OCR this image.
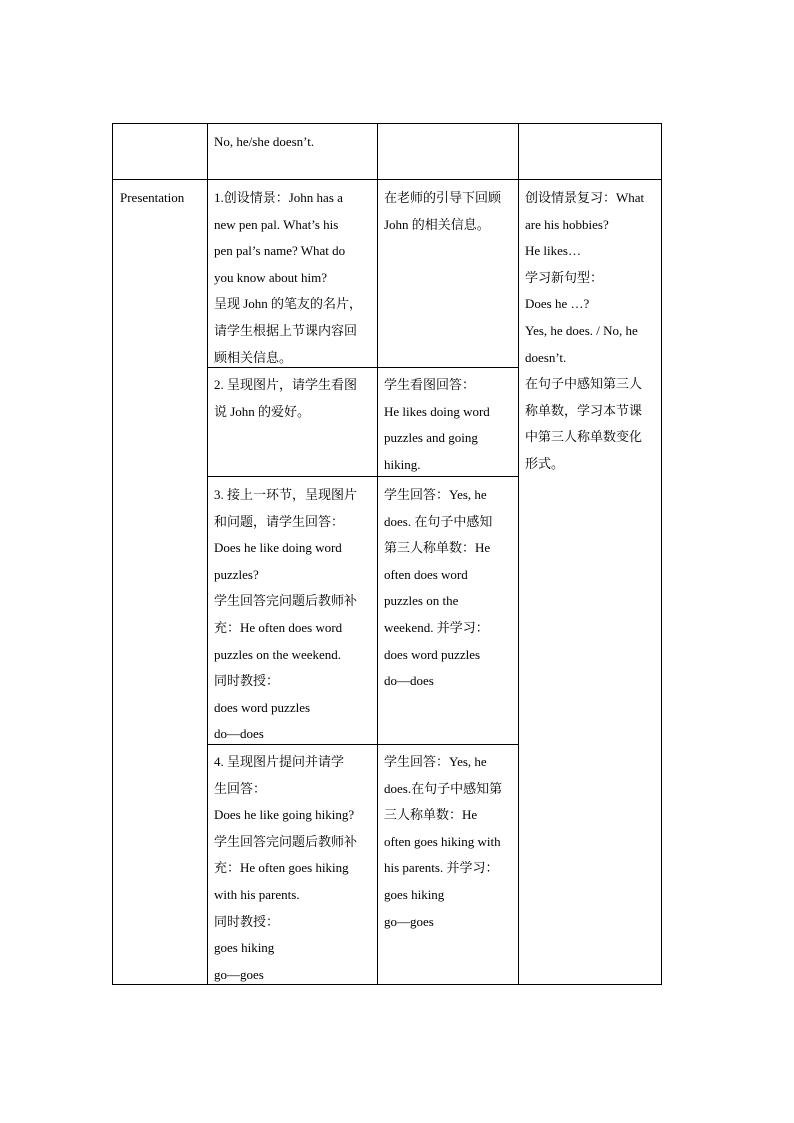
No, he/she doesn’t.
Presentation 1.创设情景：John has a
new pen pal. What’s his
pen pal’s name? What do
you know about him?
呈现 John 的笔友的名片，
请学生根据上节课内容回
顾相关信息。
在老师的引导下回顾
John 的相关信息。
2. 呈现图片，请学生看图
说 John 的爱好。
学生看图回答：
He likes doing word
puzzles and going
hiking.
3. 接上一环节，呈现图片
和问题，请学生回答：
Does he like doing word
puzzles?
学生回答完问题后教师补
充：He often does word
puzzles on the weekend.
同时教授：
does word puzzles
do—does
学生回答：Yes, he
does. 在句子中感知
第三人称单数：He
often does word
puzzles on the
weekend. 并学习：
does word puzzles
do—does
4. 呈现图片提问并请学
生回答：
Does he like going hiking?
学生回答完问题后教师补
充：He often goes hiking
with his parents.
同时教授：
goes hiking
go—goes
学生回答：Yes, he
does.在句子中感知第
三人称单数：He
often goes hiking with
his parents. 并学习：
goes hiking
go—goes
创设情景复习：What
are his hobbies?
He likes…
学习新句型：
Does he …?
Yes, he does. / No, he
doesn’t.
在句子中感知第三人
称单数，学习本节课
中第三人称单数变化
形式。
